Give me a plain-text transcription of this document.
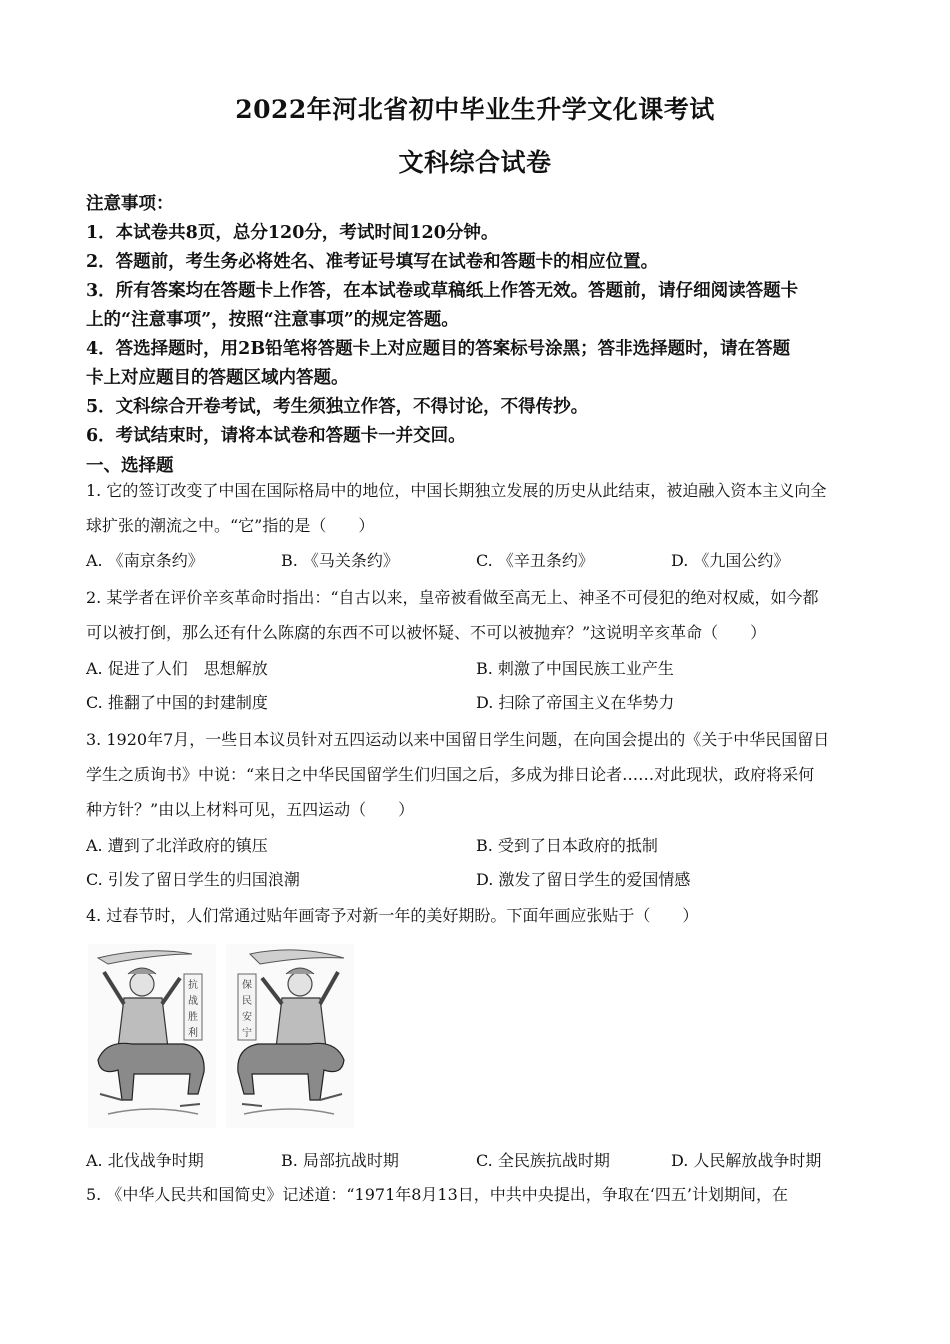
2022年河北省初中毕业生升学文化课考试
文科综合试卷
注意事项：
1．本试卷共8页，总分120分，考试时间120分钟。
2．答题前，考生务必将姓名、准考证号填写在试卷和答题卡的相应位置。
3．所有答案均在答题卡上作答，在本试卷或草稿纸上作答无效。答题前，请仔细阅读答题卡
上的“注意事项”，按照“注意事项”的规定答题。
4．答选择题时，用2B铅笔将答题卡上对应题目的答案标号涂黑；答非选择题时，请在答题
卡上对应题目的答题区域内答题。
5．文科综合开卷考试，考生须独立作答，不得讨论，不得传抄。
6．考试结束时，请将本试卷和答题卡一并交回。
一、选择题
1. 它的签订改变了中国在国际格局中的地位，中国长期独立发展的历史从此结束，被迫融入资本主义向全
球扩张的潮流之中。“它”指的是（　　）
A. 《南京条约》	B. 《马关条约》	C. 《辛丑条约》	D. 《九国公约》
2. 某学者在评价辛亥革命时指出：“自古以来，皇帝被看做至高无上、神圣不可侵犯的绝对权威，如今都
可以被打倒，那么还有什么陈腐的东西不可以被怀疑、不可以被抛弃？”这说明辛亥革命（　　）
A. 促进了人们　思想解放	B. 刺激了中国民族工业产生
C. 推翻了中国的封建制度	D. 扫除了帝国主义在华势力
3. 1920年7月，一些日本议员针对五四运动以来中国留日学生问题，在向国会提出的《关于中华民国留日
学生之质询书》中说：“来日之中华民国留学生们归国之后，多成为排日论者……对此现状，政府将采何
种方针？”由以上材料可见，五四运动（　　）
A. 遭到了北洋政府的镇压	B. 受到了日本政府的抵制
C. 引发了留日学生的归国浪潮	D. 激发了留日学生的爱国情感
4. 过春节时，人们常通过贴年画寄予对新一年的美好期盼。下面年画应张贴于（　　）
抗
战
胜
利
保
民
安
宁
A. 北伐战争时期	B. 局部抗战时期	C. 全民族抗战时期	D. 人民解放战争时期
5. 《中华人民共和国简史》记述道：“1971年8月13日，中共中央提出，争取在‘四五’计划期间，在
